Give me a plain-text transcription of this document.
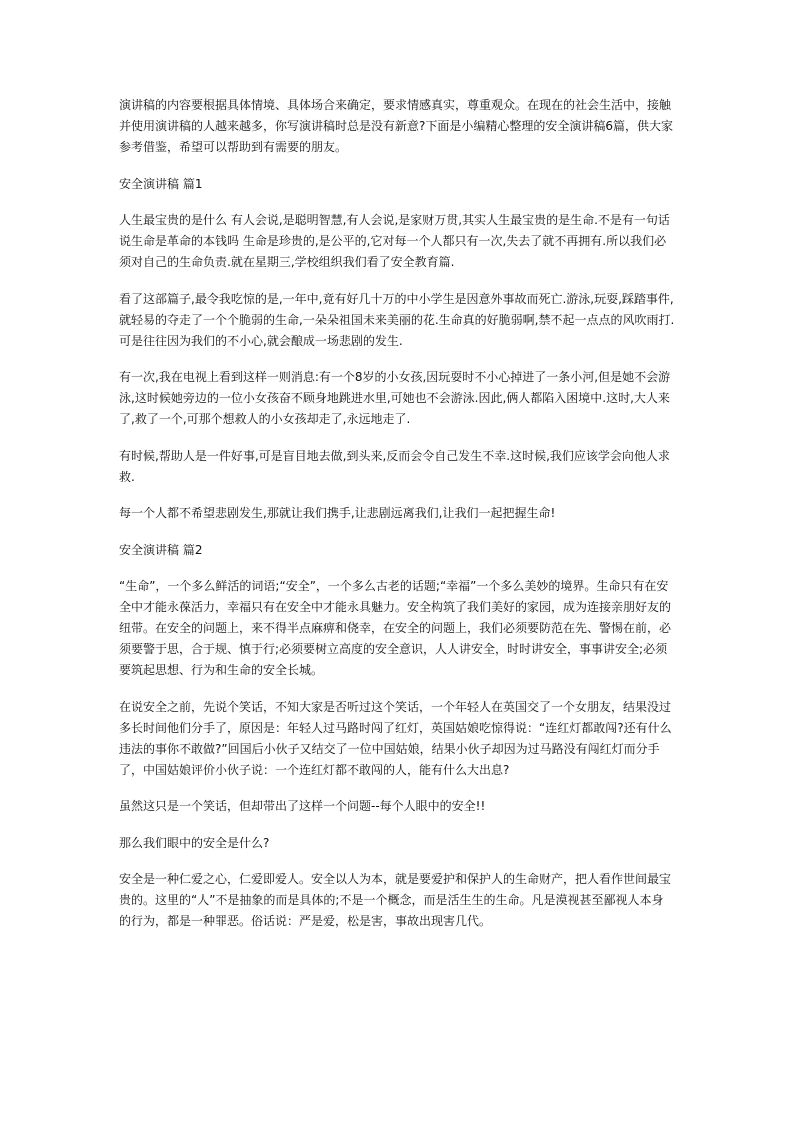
演讲稿的内容要根据具体情境、具体场合来确定，要求情感真实，尊重观众。在现在的社会生活中，接触并使用演讲稿的人越来越多，你写演讲稿时总是没有新意?下面是小编精心整理的安全演讲稿6篇，供大家参考借鉴，希望可以帮助到有需要的朋友。

安全演讲稿 篇1

人生最宝贵的是什么 有人会说,是聪明智慧,有人会说,是家财万贯,其实人生最宝贵的是生命.不是有一句话说生命是革命的本钱吗 生命是珍贵的,是公平的,它对每一个人都只有一次,失去了就不再拥有.所以我们必须对自己的生命负责.就在星期三,学校组织我们看了安全教育篇.

看了这部篇子,最令我吃惊的是,一年中,竟有好几十万的中小学生是因意外事故而死亡.游泳,玩耍,踩踏事件,就轻易的夺走了一个个脆弱的生命,一朵朵祖国未来美丽的花.生命真的好脆弱啊,禁不起一点点的风吹雨打.可是往往因为我们的不小心,就会酿成一场悲剧的发生.

有一次,我在电视上看到这样一则消息:有一个8岁的小女孩,因玩耍时不小心掉进了一条小河,但是她不会游泳,这时候她旁边的一位小女孩奋不顾身地跳进水里,可她也不会游泳.因此,俩人都陷入困境中.这时,大人来了,救了一个,可那个想救人的小女孩却走了,永远地走了.

有时候,帮助人是一件好事,可是盲目地去做,到头来,反而会令自己发生不幸.这时候,我们应该学会向他人求救.

每一个人都不希望悲剧发生,那就让我们携手,让悲剧远离我们,让我们一起把握生命!

安全演讲稿 篇2

“生命”，一个多么鲜活的词语;“安全”，一个多么古老的话题;“幸福”一个多么美妙的境界。生命只有在安全中才能永葆活力，幸福只有在安全中才能永具魅力。安全构筑了我们美好的家园，成为连接亲朋好友的纽带。在安全的问题上，来不得半点麻痹和侥幸，在安全的问题上，我们必须要防范在先、警惕在前，必须要警于思，合于规、慎于行;必须要树立高度的安全意识，人人讲安全，时时讲安全，事事讲安全;必须要筑起思想、行为和生命的安全长城。

在说安全之前，先说个笑话，不知大家是否听过这个笑话，一个年轻人在英国交了一个女朋友，结果没过多长时间他们分手了，原因是：年轻人过马路时闯了红灯，英国姑娘吃惊得说：“连红灯都敢闯?还有什么违法的事你不敢做?”回国后小伙子又结交了一位中国姑娘，结果小伙子却因为过马路没有闯红灯而分手了，中国姑娘评价小伙子说：一个连红灯都不敢闯的人，能有什么大出息?

虽然这只是一个笑话，但却带出了这样一个问题--每个人眼中的安全!!

那么我们眼中的安全是什么?

安全是一种仁爱之心，仁爱即爱人。安全以人为本，就是要爱护和保护人的生命财产，把人看作世间最宝贵的。这里的“人”不是抽象的而是具体的;不是一个概念，而是活生生的生命。凡是漠视甚至鄙视人本身的行为，都是一种罪恶。俗话说：严是爱，松是害，事故出现害几代。
